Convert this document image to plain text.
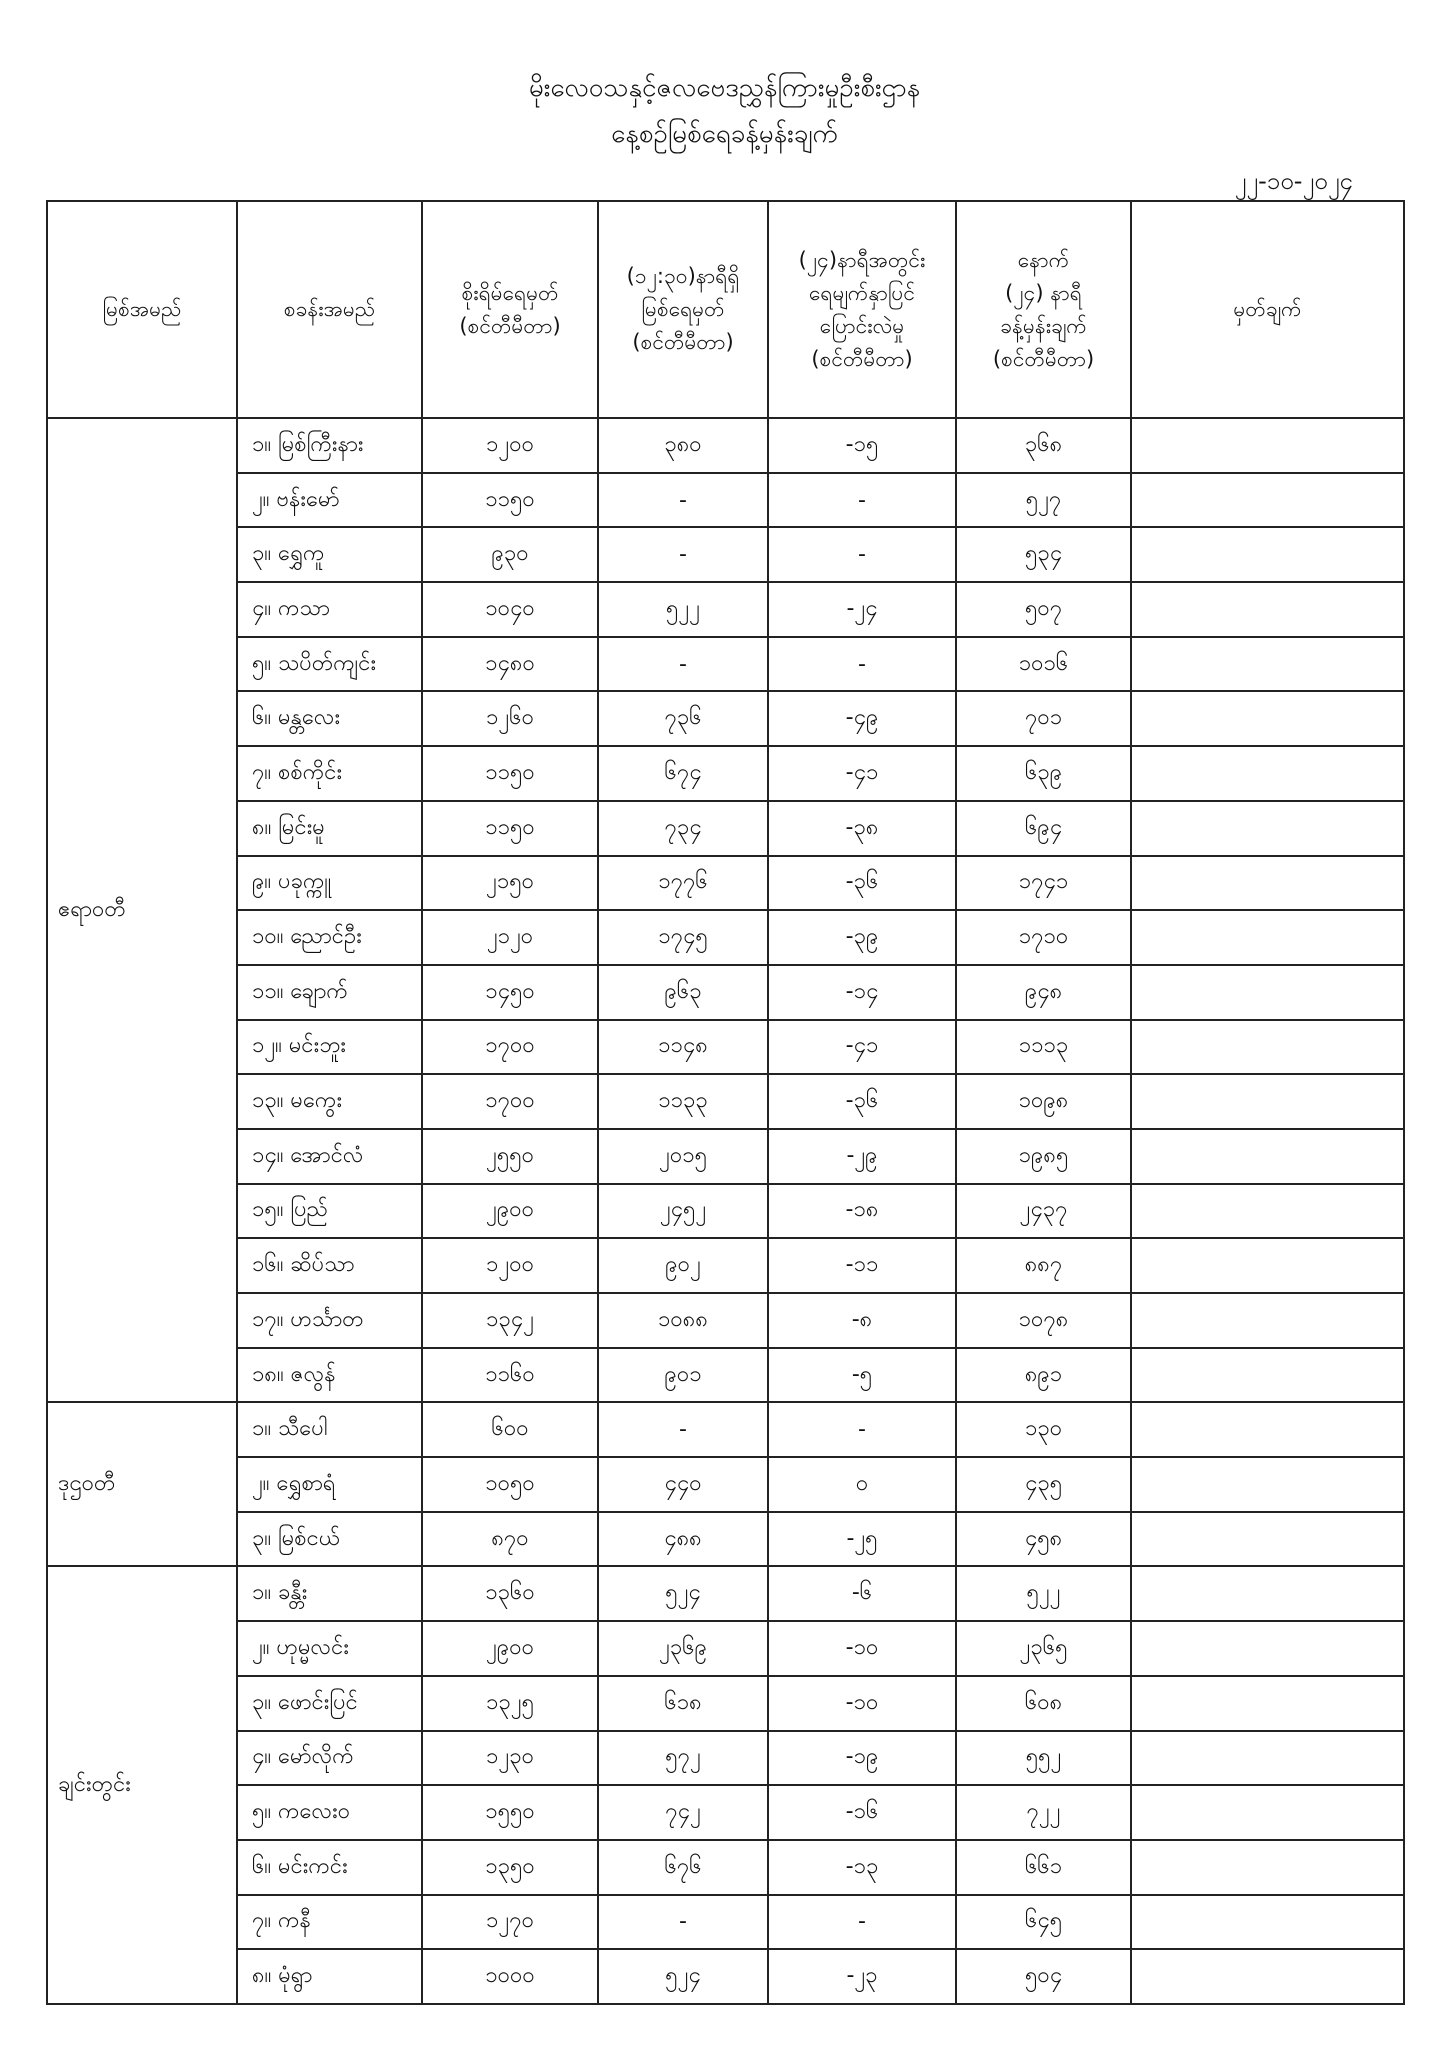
မိုးလေဝသနှင့်ဇလဗေဒညွှန်ကြားမှုဦးစီးဌာန
နေ့စဉ်မြစ်ရေခန့်မှန်းချက်
၂၂-၁၀-၂၀၂၄
မြစ်အမည်	စခန်းအမည်	စိုးရိမ်ရေမှတ်
(စင်တီမီတာ)	(၁၂:၃၀)နာရီရှိ
မြစ်ရေမှတ်
(စင်တီမီတာ)	(၂၄)နာရီအတွင်း
ရေမျက်နှာပြင်
ပြောင်းလဲမှု
(စင်တီမီတာ)	နောက်
(၂၄) နာရီ
ခန့်မှန်းချက်
(စင်တီမီတာ)	မှတ်ချက်

ဧရာဝတီ	၁။ မြစ်ကြီးနား	၁၂၀၀	၃၈၀	-၁၅	၃၆၈	
	၂။ ဗန်းမော်	၁၁၅၀	-	-	၅၂၇	
	၃။ ရွှေကူ	၉၃၀	-	-	၅၃၄	
	၄။ ကသာ	၁၀၄၀	၅၂၂	-၂၄	၅၀၇	
	၅။ သပိတ်ကျင်း	၁၄၈၀	-	-	၁၀၁၆	
	၆။ မန္တလေး	၁၂၆၀	၇၃၆	-၄၉	၇၀၁	
	၇။ စစ်ကိုင်း	၁၁၅၀	၆၇၄	-၄၁	၆၃၉	
	၈။ မြင်းမူ	၁၁၅၀	၇၃၄	-၃၈	၆၉၄	
	၉။ ပခုက္ကူ	၂၁၅၀	၁၇၇၆	-၃၆	၁၇၄၁	
	၁၀။ ညောင်ဦး	၂၁၂၀	၁၇၄၅	-၃၉	၁၇၁၀	
	၁၁။ ချောက်	၁၄၅၀	၉၆၃	-၁၄	၉၄၈	
	၁၂။ မင်းဘူး	၁၇၀၀	၁၁၄၈	-၄၁	၁၁၁၃	
	၁၃။ မကွေး	၁၇၀၀	၁၁၃၃	-၃၆	၁၀၉၈	
	၁၄။ အောင်လံ	၂၅၅၀	၂၀၁၅	-၂၉	၁၉၈၅	
	၁၅။ ပြည်	၂၉၀၀	၂၄၅၂	-၁၈	၂၄၃၇	
	၁၆။ ဆိပ်သာ	၁၂၀၀	၉၀၂	-၁၁	၈၈၇	
	၁၇။ ဟင်္သာတ	၁၃၄၂	၁၀၈၈	-၈	၁၀၇၈	
	၁၈။ ဇလွန်	၁၁၆၀	၉၀၁	-၅	၈၉၁	
ဒုဌဝတီ	၁။ သီပေါ	၆၀၀	-	-	၁၃၀	
	၂။ ရွှေစာရံ	၁၀၅၀	၄၄၀	၀	၄၃၅	
	၃။ မြစ်ငယ်	၈၇၀	၄၈၈	-၂၅	၄၅၈	
ချင်းတွင်း	၁။ ခန္တီး	၁၃၆၀	၅၂၄	-၆	၅၂၂	
	၂။ ဟုမ္မလင်း	၂၉၀၀	၂၃၆၉	-၁၀	၂၃၆၅	
	၃။ ဖောင်းပြင်	၁၃၂၅	၆၁၈	-၁၀	၆၀၈	
	၄။ မော်လိုက်	၁၂၃၀	၅၇၂	-၁၉	၅၅၂	
	၅။ ကလေးဝ	၁၅၅၀	၇၄၂	-၁၆	၇၂၂	
	၆။ မင်းကင်း	၁၃၅၀	၆၇၆	-၁၃	၆၆၁	
	၇။ ကနီ	၁၂၇၀	-	-	၆၄၅	
	၈။ မုံရွာ	၁၀၀၀	၅၂၄	-၂၃	၅၀၄	
